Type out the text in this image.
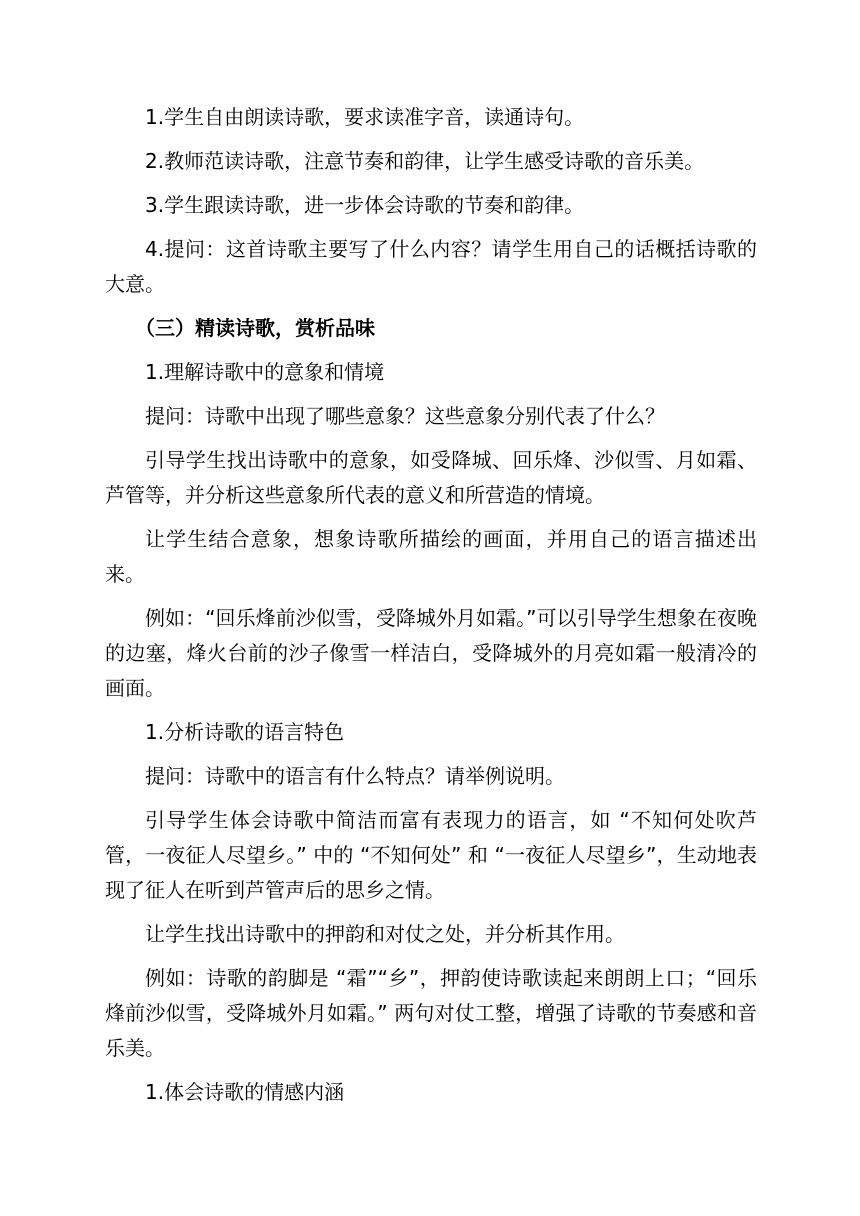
1.学生自由朗读诗歌，要求读准字音，读通诗句。

2.教师范读诗歌，注意节奏和韵律，让学生感受诗歌的音乐美。

3.学生跟读诗歌，进一步体会诗歌的节奏和韵律。

4.提问：这首诗歌主要写了什么内容？请学生用自己的话概括诗歌的大意。

（三）精读诗歌，赏析品味

1.理解诗歌中的意象和情境

提问：诗歌中出现了哪些意象？这些意象分别代表了什么？

引导学生找出诗歌中的意象，如受降城、回乐烽、沙似雪、月如霜、芦管等，并分析这些意象所代表的意义和所营造的情境。

让学生结合意象，想象诗歌所描绘的画面，并用自己的语言描述出来。

例如：“回乐烽前沙似雪，受降城外月如霜。”可以引导学生想象在夜晚的边塞，烽火台前的沙子像雪一样洁白，受降城外的月亮如霜一般清冷的画面。

1.分析诗歌的语言特色

提问：诗歌中的语言有什么特点？请举例说明。

引导学生体会诗歌中简洁而富有表现力的语言，如 “不知何处吹芦管，一夜征人尽望乡。” 中的 “不知何处” 和 “一夜征人尽望乡”，生动地表现了征人在听到芦管声后的思乡之情。

让学生找出诗歌中的押韵和对仗之处，并分析其作用。

例如：诗歌的韵脚是 “霜”“乡”，押韵使诗歌读起来朗朗上口；“回乐烽前沙似雪，受降城外月如霜。” 两句对仗工整，增强了诗歌的节奏感和音乐美。

1.体会诗歌的情感内涵
